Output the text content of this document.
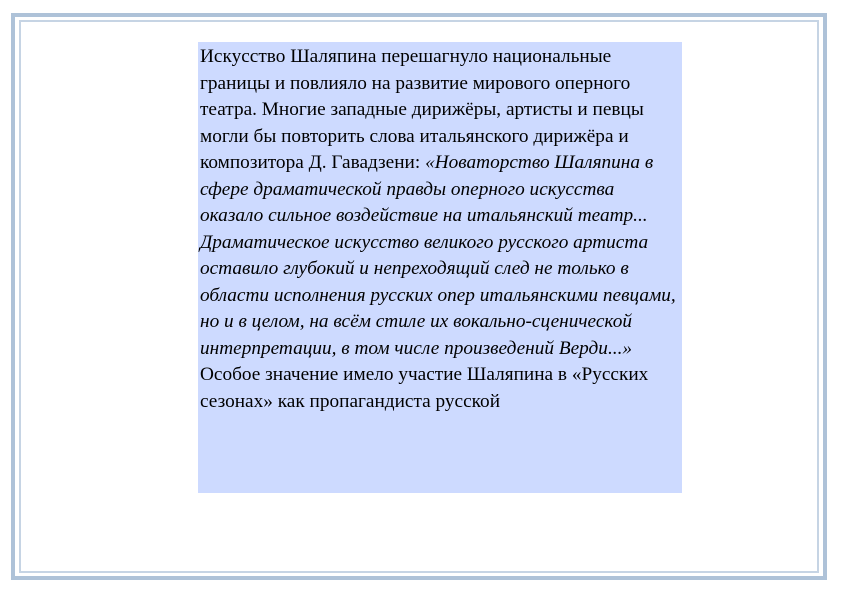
Искусство Шаляпина перешагнуло национальные границы и повлияло на развитие мирового оперного театра. Многие западные дирижёры, артисты и певцы могли бы повторить слова итальянского дирижёра и композитора Д. Гавадзени: «Новаторство Шаляпина в сфере драматической правды оперного искусства оказало сильное воздействие на итальянский театр... Драматическое искусство великого русского артиста оставило глубокий и непреходящий след не только в области исполнения русских опер итальянскими певцами, но и в целом, на всём стиле их вокально-сценической интерпретации, в том числе произведений Верди...»

Особое значение имело участие Шаляпина в «Русских сезонах» как пропагандиста русской
